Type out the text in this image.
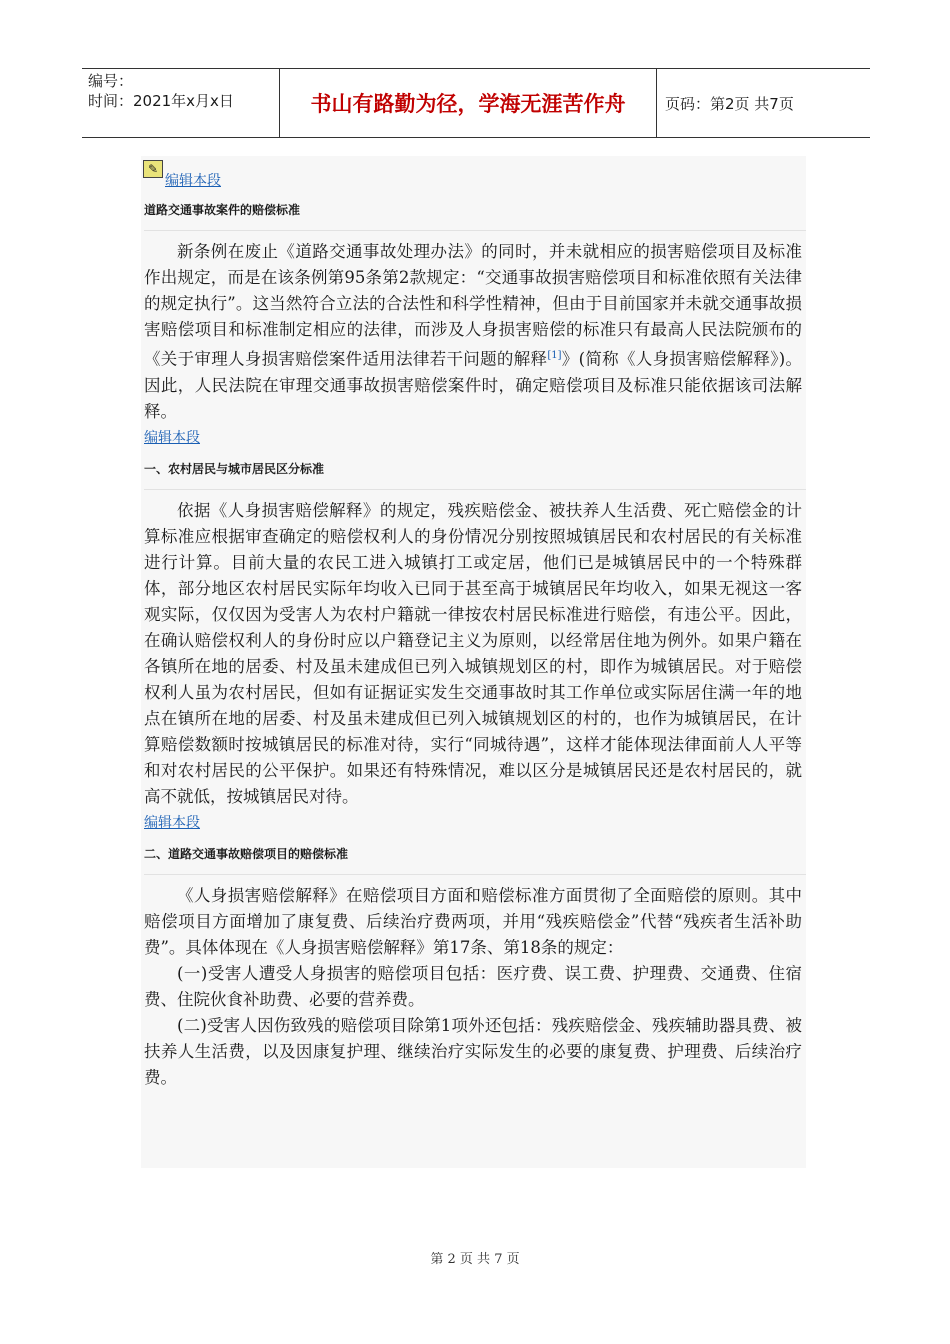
编号：
时间：2021年x月x日	书山有路勤为径，学海无涯苦作舟	页码：第2页 共7页
✎
编辑本段
道路交通事故案件的赔偿标准

新条例在废止《道路交通事故处理办法》的同时，并未就相应的损害赔偿项目及标准作出规定，而是在该条例第95条第2款规定：“交通事故损害赔偿项目和标准依照有关法律的规定执行”。这当然符合立法的合法性和科学性精神，但由于目前国家并未就交通事故损害赔偿项目和标准制定相应的法律，而涉及人身损害赔偿的标准只有最高人民法院颁布的《关于审理人身损害赔偿案件适用法律若干问题的解释[1]》(简称《人身损害赔偿解释》)。因此，人民法院在审理交通事故损害赔偿案件时，确定赔偿项目及标准只能依据该司法解释。

编辑本段
一、农村居民与城市居民区分标准

依据《人身损害赔偿解释》的规定，残疾赔偿金、被扶养人生活费、死亡赔偿金的计算标准应根据审查确定的赔偿权利人的身份情况分别按照城镇居民和农村居民的有关标准进行计算。目前大量的农民工进入城镇打工或定居，他们已是城镇居民中的一个特殊群体，部分地区农村居民实际年均收入已同于甚至高于城镇居民年均收入，如果无视这一客观实际，仅仅因为受害人为农村户籍就一律按农村居民标准进行赔偿，有违公平。因此，在确认赔偿权利人的身份时应以户籍登记主义为原则，以经常居住地为例外。如果户籍在各镇所在地的居委、村及虽未建成但已列入城镇规划区的村，即作为城镇居民。对于赔偿权利人虽为农村居民，但如有证据证实发生交通事故时其工作单位或实际居住满一年的地点在镇所在地的居委、村及虽未建成但已列入城镇规划区的村的，也作为城镇居民，在计算赔偿数额时按城镇居民的标准对待，实行“同城待遇”，这样才能体现法律面前人人平等和对农村居民的公平保护。如果还有特殊情况，难以区分是城镇居民还是农村居民的，就高不就低，按城镇居民对待。

编辑本段
二、道路交通事故赔偿项目的赔偿标准

《人身损害赔偿解释》在赔偿项目方面和赔偿标准方面贯彻了全面赔偿的原则。其中赔偿项目方面增加了康复费、后续治疗费两项，并用“残疾赔偿金”代替“残疾者生活补助费”。具体体现在《人身损害赔偿解释》第17条、第18条的规定：

(一)受害人遭受人身损害的赔偿项目包括：医疗费、误工费、护理费、交通费、住宿费、住院伙食补助费、必要的营养费。

(二)受害人因伤致残的赔偿项目除第1项外还包括：残疾赔偿金、残疾辅助器具费、被扶养人生活费，以及因康复护理、继续治疗实际发生的必要的康复费、护理费、后续治疗费。

第 2 页 共 7 页
